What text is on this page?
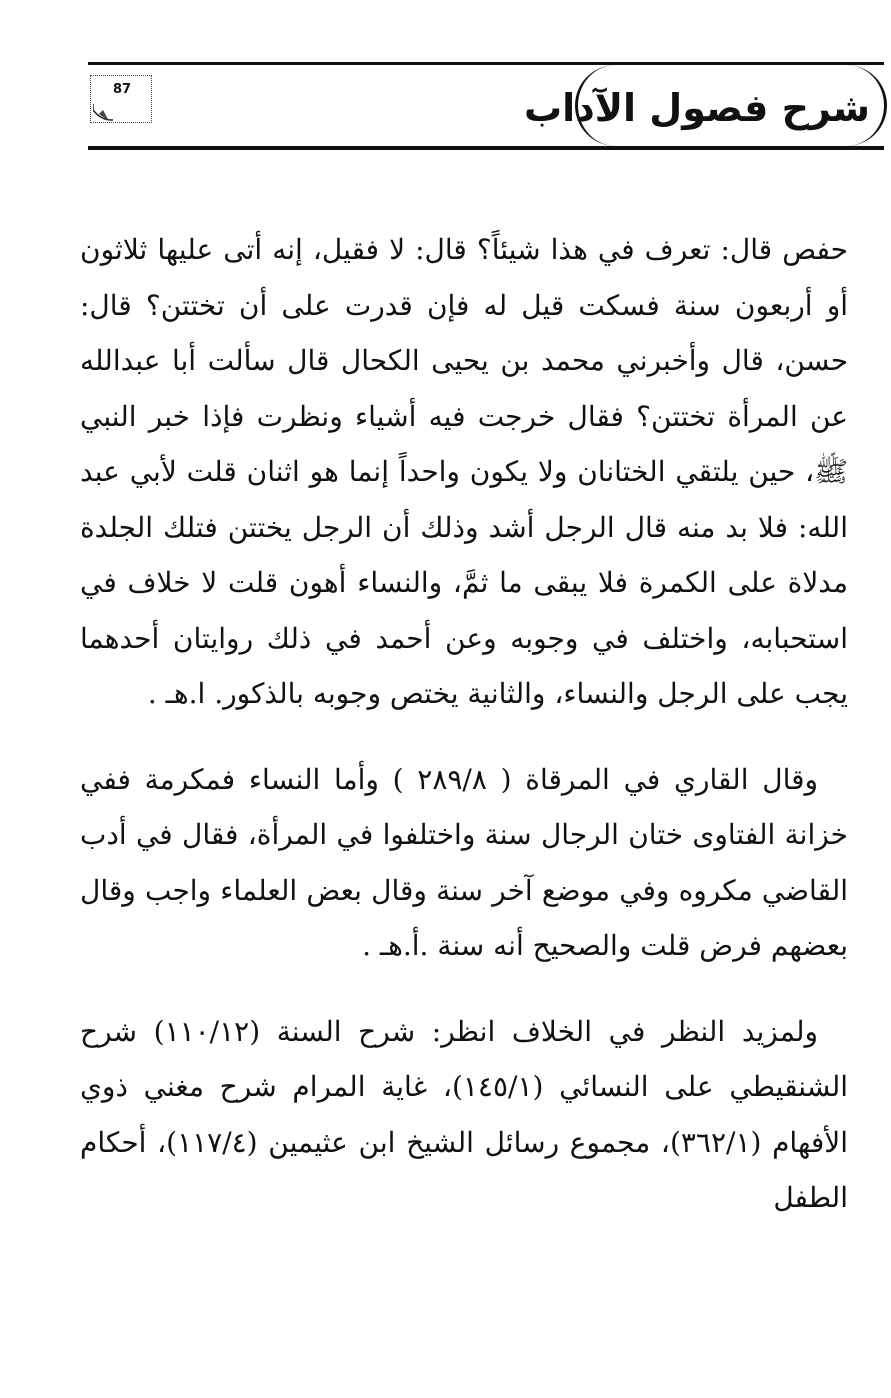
شرح فصول الآداب
87

حفص قال: تعرف في هذا شيئاً؟ قال: لا فقيل، إنه أتى عليها ثلاثون أو أربعون سنة فسكت قيل له فإن قدرت على أن تختتن؟ قال: حسن، قال وأخبرني محمد بن يحيى الكحال قال سألت أبا عبدالله عن المرأة تختتن؟ فقال خرجت فيه أشياء ونظرت فإذا خبر النبي ﷺ، حين يلتقي الختانان ولا يكون واحداً إنما هو اثنان قلت لأبي عبد الله: فلا بد منه قال الرجل أشد وذلك أن الرجل يختتن فتلك الجلدة مدلاة على الكمرة فلا يبقى ما ثمَّ، والنساء أهون قلت لا خلاف في استحبابه، واختلف في وجوبه وعن أحمد في ذلك روايتان أحدهما يجب على الرجل والنساء، والثانية يختص وجوبه بالذكور. ا.هـ .

وقال القاري في المرقاة ( ٢٨٩/٨ ) وأما النساء فمكرمة ففي خزانة الفتاوى ختان الرجال سنة واختلفوا في المرأة، فقال في أدب القاضي مكروه وفي موضع آخر سنة وقال بعض العلماء واجب وقال بعضهم فرض قلت والصحيح أنه سنة .أ.هـ .

ولمزيد النظر في الخلاف انظر: شرح السنة (١١٠/١٢) شرح الشنقيطي على النسائي (١٤٥/١)، غاية المرام شرح مغني ذوي الأفهام (٣٦٢/١)، مجموع رسائل الشيخ ابن عثيمين (١١٧/٤)، أحكام الطفل
